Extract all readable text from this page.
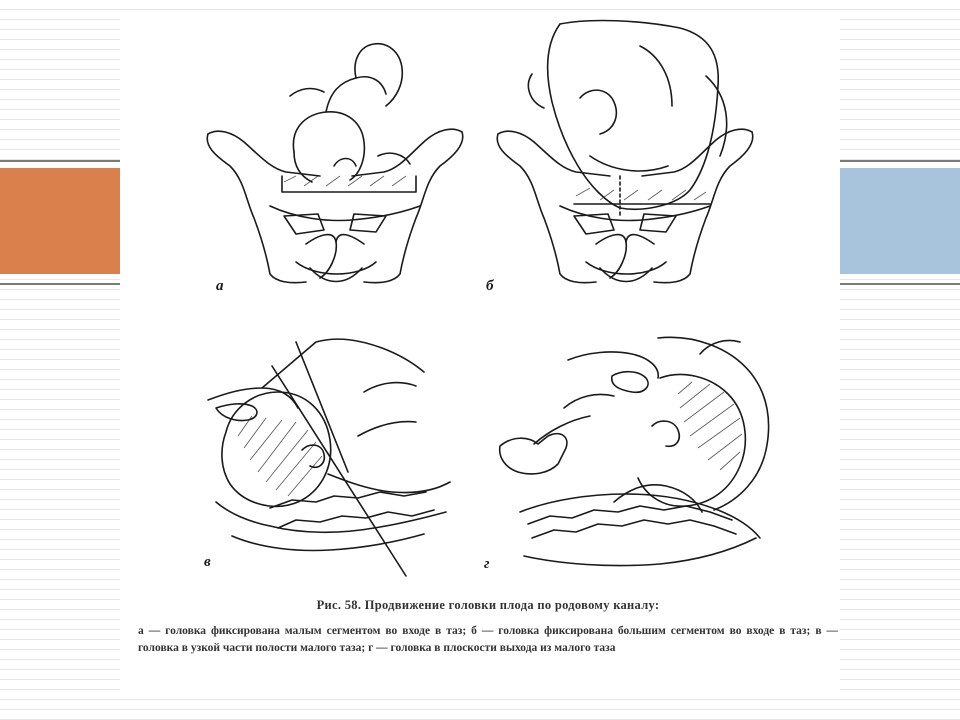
а	б
в	г
Рис. 58. Продвижение головки плода по родовому каналу:
а — головка фиксирована малым сегментом во входе в таз; б — головка фиксирована большим сегментом во входе в таз; в — головка в узкой части полости малого таза; г — головка в плоскости выхода из малого таза
